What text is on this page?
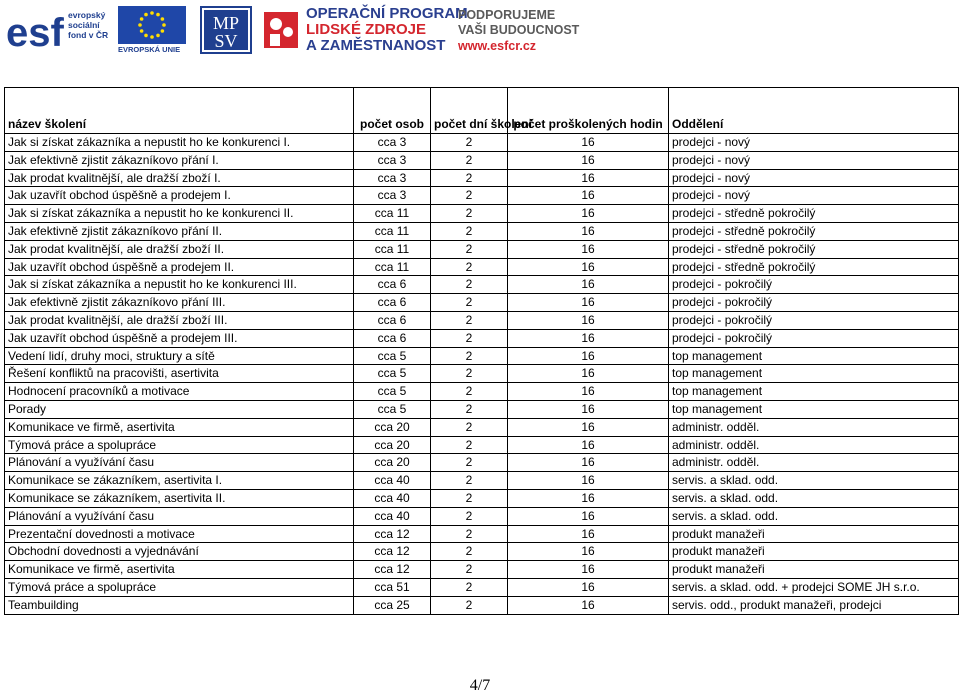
esf evropský
sociální
fond v ČR
EVROPSKÁ UNIE
MP
SV
OPERAČNÍ PROGRAM
LIDSKÉ ZDROJE
A ZAMĚSTNANOST
PODPORUJEME
VAŠI BUDOUCNOST
www.esfcr.cz
název školení	počet osob	počet dní školení	počet proškolených hodin	Oddělení
Jak si získat zákazníka a nepustit ho ke konkurenci I.	cca 3	2	16	prodejci - nový
Jak efektivně zjistit zákazníkovo přání I.	cca 3	2	16	prodejci - nový
Jak prodat kvalitnější, ale dražší zboží I.	cca 3	2	16	prodejci - nový
Jak uzavřít obchod úspěšně a prodejem I.	cca 3	2	16	prodejci - nový
Jak si získat zákazníka a nepustit ho ke konkurenci II.	cca 11	2	16	prodejci - středně pokročilý
Jak efektivně zjistit zákazníkovo přání II.	cca 11	2	16	prodejci - středně pokročilý
Jak prodat kvalitnější, ale dražší zboží II.	cca 11	2	16	prodejci - středně pokročilý
Jak uzavřít obchod úspěšně a prodejem II.	cca 11	2	16	prodejci - středně pokročilý
Jak si získat zákazníka a nepustit ho ke konkurenci III.	cca 6	2	16	prodejci - pokročilý
Jak efektivně zjistit zákazníkovo přání III.	cca 6	2	16	prodejci - pokročilý
Jak prodat kvalitnější, ale dražší zboží III.	cca 6	2	16	prodejci - pokročilý
Jak uzavřít obchod úspěšně a prodejem III.	cca 6	2	16	prodejci - pokročilý
Vedení lidí, druhy moci, struktury a sítě	cca 5	2	16	top management
Řešení konfliktů na pracovišti, asertivita	cca 5	2	16	top management
Hodnocení pracovníků a motivace	cca 5	2	16	top management
Porady	cca 5	2	16	top management
Komunikace ve firmě, asertivita	cca 20	2	16	administr. odděl.
Týmová práce a spolupráce	cca 20	2	16	administr. odděl.
Plánování a využívání času	cca 20	2	16	administr. odděl.
Komunikace se zákazníkem, asertivita I.	cca 40	2	16	servis. a sklad. odd.
Komunikace se zákazníkem, asertivita II.	cca 40	2	16	servis. a sklad. odd.
Plánování a využívání času	cca 40	2	16	servis. a sklad. odd.
Prezentační dovednosti a motivace	cca 12	2	16	produkt manažeři
Obchodní dovednosti a vyjednávání	cca 12	2	16	produkt manažeři
Komunikace ve firmě, asertivita	cca 12	2	16	produkt manažeři
Týmová práce a spolupráce	cca 51	2	16	servis. a sklad. odd. + prodejci SOME JH s.r.o.
Teambuilding	cca 25	2	16	servis. odd., produkt manažeři, prodejci
4/7
